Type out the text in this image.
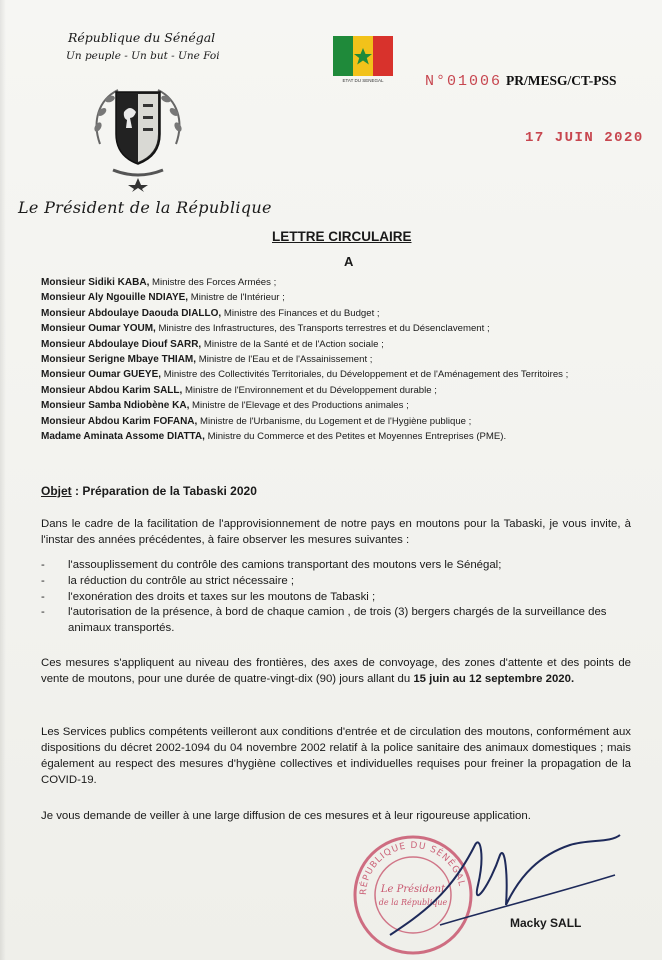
République du Sénégal
Un peuple - Un but - Une Foi
Le Président de la République
ETAT DU SENEGAL	N°01006 PR/MESG/CT-PSS
17 JUIN 2020
LETTRE CIRCULAIRE
A
Monsieur Sidiki KABA, Ministre des Forces Armées ;
Monsieur Aly Ngouille NDIAYE, Ministre de l'Intérieur ;
Monsieur Abdoulaye Daouda DIALLO, Ministre des Finances et du Budget ;
Monsieur Oumar YOUM, Ministre des Infrastructures, des Transports terrestres et du Désenclavement ;
Monsieur Abdoulaye Diouf SARR, Ministre de la Santé et de l'Action sociale ;
Monsieur Serigne Mbaye THIAM, Ministre de l'Eau et de l'Assainissement ;
Monsieur Oumar GUEYE, Ministre des Collectivités Territoriales, du Développement et de l'Aménagement des Territoires ;
Monsieur Abdou Karim SALL, Ministre de l'Environnement et du Développement durable ;
Monsieur Samba Ndiobène KA, Ministre de l'Elevage et des Productions animales ;
Monsieur Abdou Karim FOFANA, Ministre de l'Urbanisme, du Logement et de l'Hygiène publique ;
Madame Aminata Assome DIATTA, Ministre du Commerce et des Petites et Moyennes Entreprises (PME).
Objet : Préparation de la Tabaski 2020
Dans le cadre de la facilitation de l'approvisionnement de notre pays en moutons pour la Tabaski, je vous invite, à l'instar des années précédentes, à faire observer les mesures suivantes :
-	l'assouplissement du contrôle des camions transportant des moutons vers le Sénégal;
-	la réduction du contrôle au strict nécessaire ;
-	l'exonération des droits et taxes sur les moutons de Tabaski ;
-	l'autorisation de la présence, à bord de chaque camion , de trois (3) bergers chargés de la surveillance des animaux transportés.
Ces mesures s'appliquent au niveau des frontières, des axes de convoyage, des zones d'attente et des points de vente de moutons, pour une durée de quatre-vingt-dix (90) jours allant du 15 juin au 12 septembre 2020.
Les Services publics compétents veilleront aux conditions d'entrée et de circulation des moutons, conformément aux dispositions du décret 2002-1094 du 04 novembre 2002 relatif à la police sanitaire des animaux domestiques ; mais également au respect des mesures d'hygiène collectives et individuelles requises pour freiner la propagation de la COVID-19.
Je vous demande de veiller à une large diffusion de ces mesures et à leur rigoureuse application.
RÉPUBLIQUE DU SÉNÉGAL
Le Président
de la République
Macky SALL
